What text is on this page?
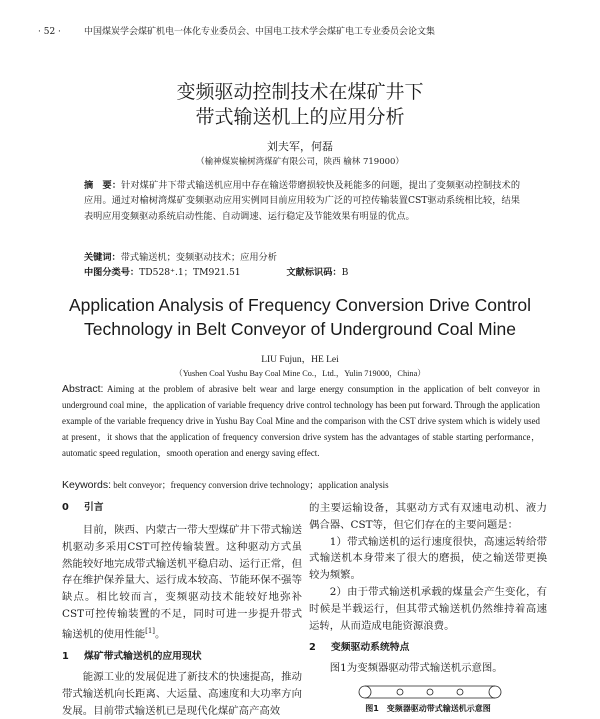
· 52 ·	中国煤炭学会煤矿机电一体化专业委员会、中国电工技术学会煤矿电工专业委员会论文集
变频驱动控制技术在煤矿井下
带式输送机上的应用分析
刘夫军，何磊
（榆神煤炭榆树湾煤矿有限公司，陕西 榆林 719000）
摘　要：针对煤矿井下带式输送机应用中存在输送带磨损较快及耗能多的问题，提出了变频驱动控制技术的应用。通过对榆树湾煤矿变频驱动应用实例同目前应用较为广泛的可控传输装置CST驱动系统相比较，结果表明应用变频驱动系统启动性能、自动调速、运行稳定及节能效果有明显的优点。
关键词：带式输送机；变频驱动技术；应用分析
中图分类号：TD528⁺.1；TM921.51	文献标识码：B
Application Analysis of Frequency Conversion Drive Control
Technology in Belt Conveyor of Underground Coal Mine
LIU Fujun，HE Lei
（Yushen Coal Yushu Bay Coal Mine Co.，Ltd.，Yulin 719000，China）
Abstract: Aiming at the problem of abrasive belt wear and large energy consumption in the application of belt conveyor in underground coal mine，the application of variable frequency drive control technology has been put forward. Through the application example of the variable frequency drive in Yushu Bay Coal Mine and the comparison with the CST drive system which is widely used at present，it shows that the application of frequency conversion drive system has the advantages of stable starting performance，automatic speed regulation，smooth operation and energy saving effect.
Keywords: belt conveyor；frequency conversion drive technology；application analysis

0 引言

目前，陕西、内蒙古一带大型煤矿井下带式输送机驱动多采用CST可控传输装置。这种驱动方式虽然能较好地完成带式输送机平稳启动、运行正常，但存在维护保养量大、运行成本较高、节能环保不强等缺点。相比较而言，变频驱动技术能较好地弥补CST可控传输装置的不足，同时可进一步提升带式输送机的使用性能[1]。

1 煤矿带式输送机的应用现状

能源工业的发展促进了新技术的快速提高，推动带式输送机向长距离、大运量、高速度和大功率方向发展。目前带式输送机已是现代化煤矿高产高效

的主要运输设备，其驱动方式有双速电动机、液力偶合器、CST等，但它们存在的主要问题是：

1）带式输送机的运行速度很快，高速运转给带式输送机本身带来了很大的磨损，使之输送带更换较为频繁。

2）由于带式输送机承载的煤量会产生变化，有时候是半载运行，但其带式输送机仍然维持着高速运转，从而造成电能资源浪费。

2 变频驱动系统特点

图1为变频器驱动带式输送机示意图。

图1　变频器驱动带式输送机示意图
